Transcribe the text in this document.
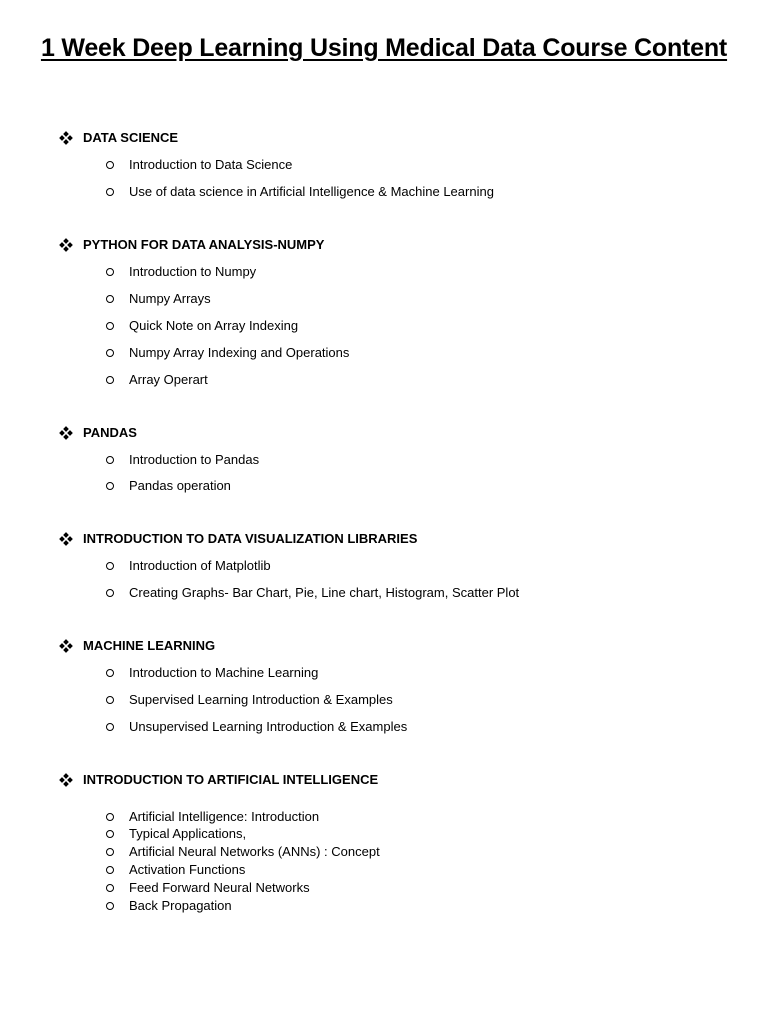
1 Week Deep Learning Using Medical Data Course Content
DATA SCIENCE
Introduction to Data Science
Use of data science in Artificial Intelligence & Machine Learning
PYTHON FOR DATA ANALYSIS-NUMPY
Introduction to Numpy
Numpy Arrays
Quick Note on Array Indexing
Numpy Array Indexing and Operations
Array Operart
PANDAS
Introduction to Pandas
Pandas operation
INTRODUCTION TO DATA VISUALIZATION LIBRARIES
Introduction of Matplotlib
Creating Graphs- Bar Chart, Pie, Line chart, Histogram, Scatter Plot
MACHINE LEARNING
Introduction to Machine Learning
Supervised Learning Introduction & Examples
Unsupervised Learning Introduction & Examples
INTRODUCTION TO ARTIFICIAL INTELLIGENCE
Artificial Intelligence: Introduction
Typical Applications,
Artificial Neural Networks (ANNs) : Concept
Activation Functions
Feed Forward Neural Networks
Back Propagation
